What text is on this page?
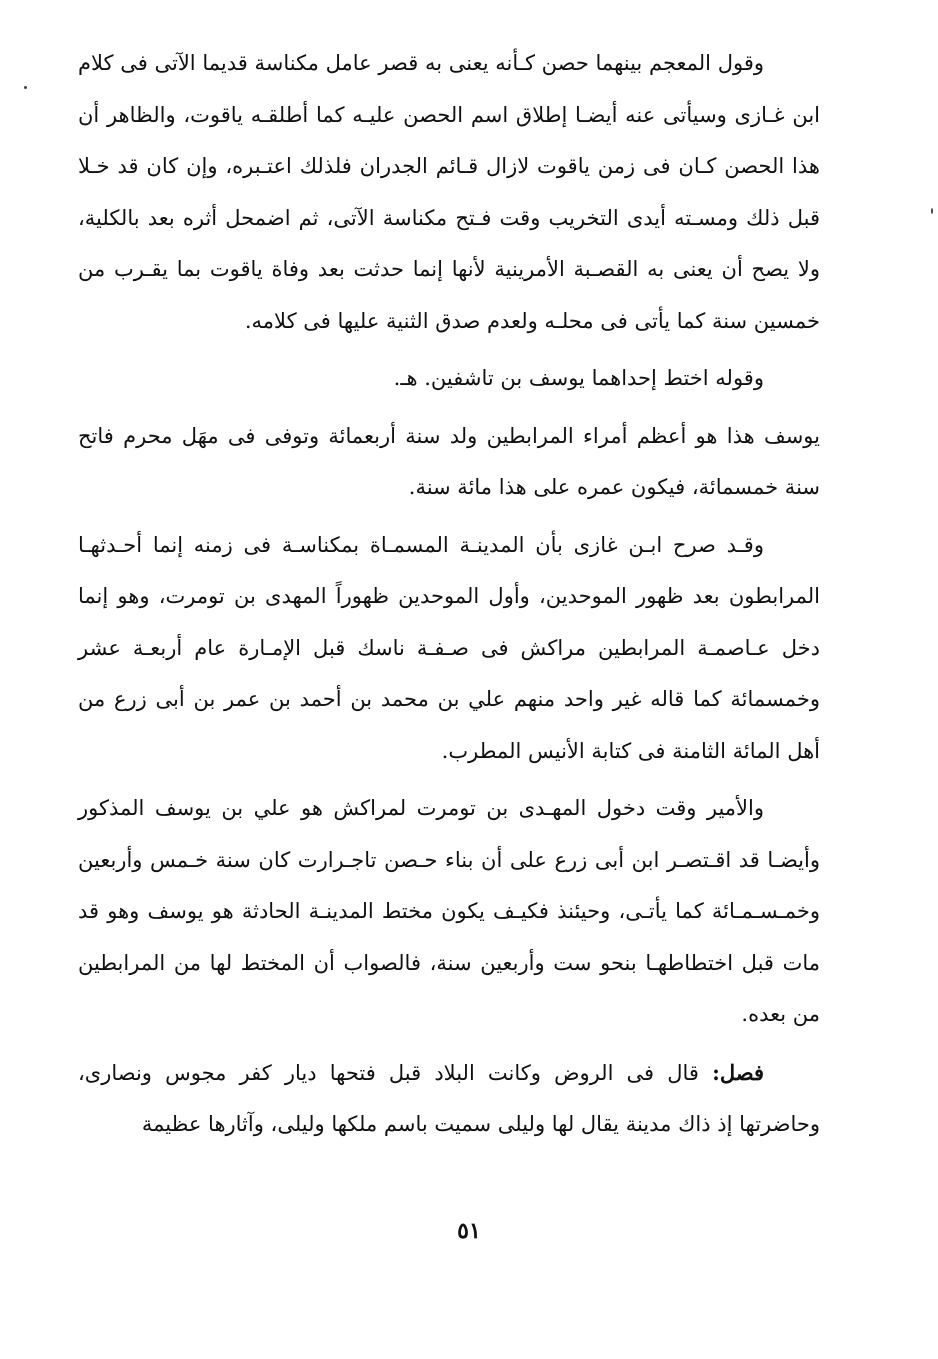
وقول المعجم بينهما حصن كـأنه يعنى به قصر عامل مكناسة قديما الآتى فى كلام ابن غـازى وسيأتى عنه أيضـا إطلاق اسم الحصن عليـه كما أطلقـه ياقوت، والظاهر أن هذا الحصن كـان فى زمن ياقوت لازال قـائم الجدران فلذلك اعتـبره، وإن كان قد خـلا قبل ذلك ومسـته أيدى التخريب وقت فـتح مكناسة الآتى، ثم اضمحل أثره بعد بالكلية، ولا يصح أن يعنى به القصـبة الأمرينية لأنها إنما حدثت بعد وفاة ياقوت بما يقـرب من خمسين سنة كما يأتى فى محلـه ولعدم صدق الثنية عليها فى كلامه.

وقوله اختط إحداهما يوسف بن تاشفين. هـ.

يوسف هذا هو أعظم أمراء المرابطين ولد سنة أربعمائة وتوفى فى مهَل محرم فاتح سنة خمسمائة، فيكون عمره على هذا مائة سنة.

وقـد صرح ابـن غازى بأن المدينـة المسمـاة بمكناسـة فى زمنه إنما أحـدثهـا المرابطون بعد ظهور الموحدين، وأول الموحدين ظهوراً المهدى بن تومرت، وهو إنما دخل عـاصمـة المرابطين مراكش فى صـفـة ناسك قبل الإمـارة عام أربعـة عشر وخمسمائة كما قاله غير واحد منهم علي بن محمد بن أحمد بن عمر بن أبى زرع من أهل المائة الثامنة فى كتابة الأنيس المطرب.

والأمير وقت دخول المهـدى بن تومرت لمراكش هو علي بن يوسف المذكور وأيضـا قد اقـتصـر ابن أبى زرع على أن بناء حـصن تاجـرارت كان سنة خـمس وأربعين وخمـسـمـائة كما يأتـى، وحيئنذ فكيـف يكون مختط المدينـة الحادثة هو يوسف وهو قد مات قبل اختطاطهـا بنحو ست وأربعين سنة، فالصواب أن المختط لها من المرابطين من بعده.

فصل: قال فى الروض وكانت البلاد قبل فتحها ديار كفر مجوس ونصارى، وحاضرتها إذ ذاك مدينة يقال لها وليلى سميت باسم ملكها وليلى، وآثارها عظيمة

٥١
